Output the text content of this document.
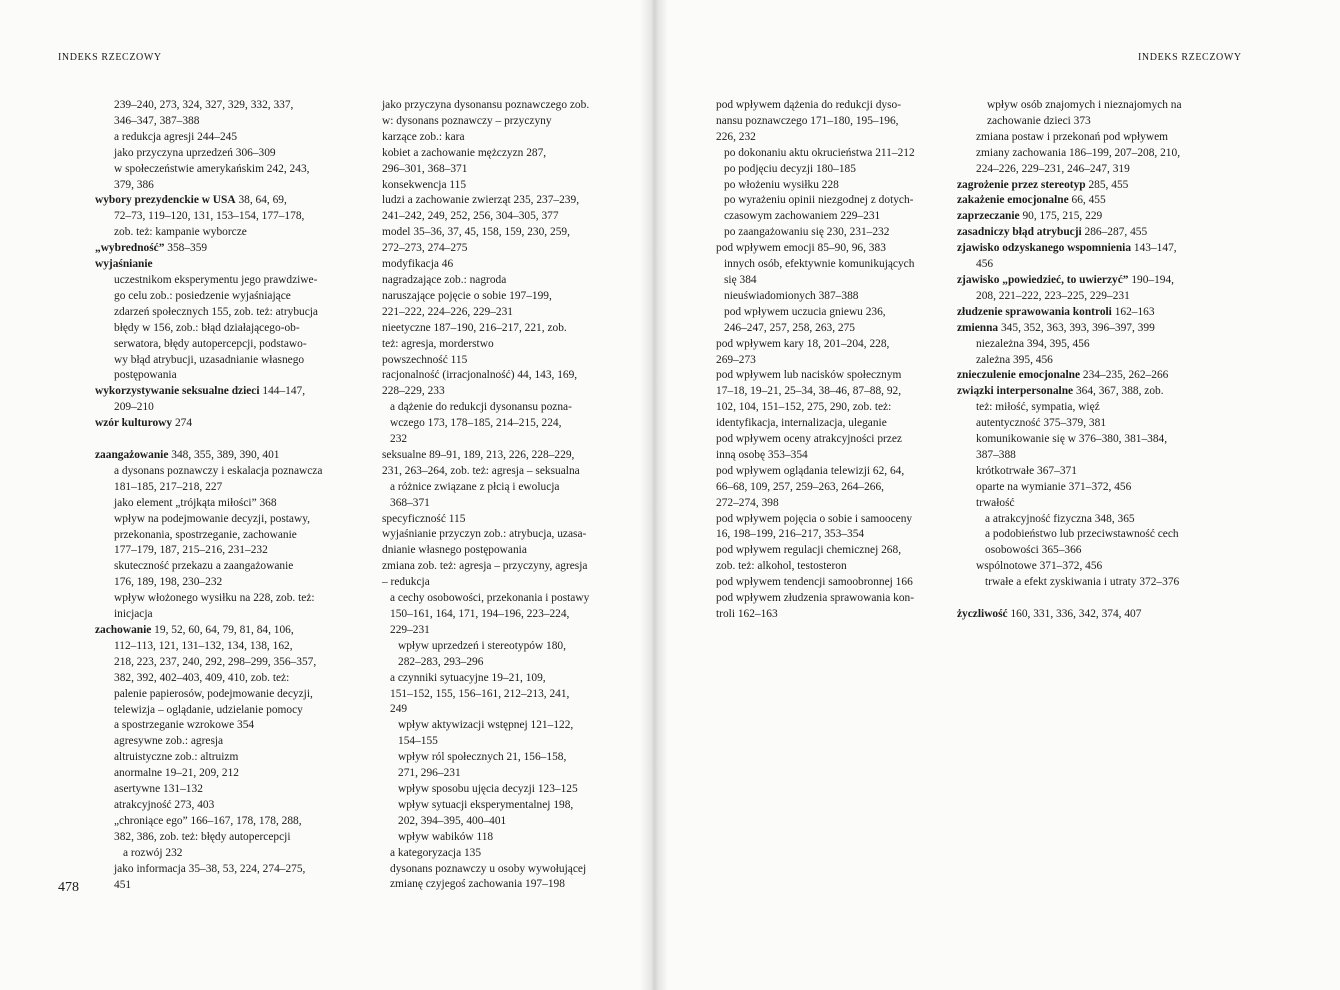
INDEKS RZECZOWY
239–240, 273, 324, 327, 329, 332, 337,
346–347, 387–388
a redukcja agresji 244–245
jako przyczyna uprzedzeń 306–309
w społeczeństwie amerykańskim 242, 243,
379, 386
wybory prezydenckie w USA 38, 64, 69,
72–73, 119–120, 131, 153–154, 177–178,
zob. też: kampanie wyborcze
„wybredność” 358–359
wyjaśnianie
uczestnikom eksperymentu jego prawdziwe-
go celu zob.: posiedzenie wyjaśniające
zdarzeń społecznych 155, zob. też: atrybucja
błędy w 156, zob.: błąd działającego-ob-
serwatora, błędy autopercepcji, podstawo-
wy błąd atrybucji, uzasadnianie własnego
postępowania
wykorzystywanie seksualne dzieci 144–147,
209–210
wzór kulturowy 274
zaangażowanie 348, 355, 389, 390, 401
a dysonans poznawczy i eskalacja poznawcza
181–185, 217–218, 227
jako element „trójkąta miłości” 368
wpływ na podejmowanie decyzji, postawy,
przekonania, spostrzeganie, zachowanie
177–179, 187, 215–216, 231–232
skuteczność przekazu a zaangażowanie
176, 189, 198, 230–232
wpływ włożonego wysiłku na 228, zob. też:
inicjacja
zachowanie 19, 52, 60, 64, 79, 81, 84, 106,
112–113, 121, 131–132, 134, 138, 162,
218, 223, 237, 240, 292, 298–299, 356–357,
382, 392, 402–403, 409, 410, zob. też:
palenie papierosów, podejmowanie decyzji,
telewizja – oglądanie, udzielanie pomocy
a spostrzeganie wzrokowe 354
agresywne zob.: agresja
altruistyczne zob.: altruizm
anormalne 19–21, 209, 212
asertywne 131–132
atrakcyjność 273, 403
„chroniące ego” 166–167, 178, 178, 288,
382, 386, zob. też: błędy autopercepcji
a rozwój 232
jako informacja 35–38, 53, 224, 274–275,
451
jako przyczyna dysonansu poznawczego zob.
w: dysonans poznawczy – przyczyny
karzące zob.: kara
kobiet a zachowanie mężczyzn 287,
296–301, 368–371
konsekwencja 115
ludzi a zachowanie zwierząt 235, 237–239,
241–242, 249, 252, 256, 304–305, 377
model 35–36, 37, 45, 158, 159, 230, 259,
272–273, 274–275
modyfikacja 46
nagradzające zob.: nagroda
naruszające pojęcie o sobie 197–199,
221–222, 224–226, 229–231
nieetyczne 187–190, 216–217, 221, zob.
też: agresja, morderstwo
powszechność 115
racjonalność (irracjonalność) 44, 143, 169,
228–229, 233
a dążenie do redukcji dysonansu pozna-
wczego 173, 178–185, 214–215, 224,
232
seksualne 89–91, 189, 213, 226, 228–229,
231, 263–264, zob. też: agresja – seksualna
a różnice związane z płcią i ewolucja
368–371
specyficzność 115
wyjaśnianie przyczyn zob.: atrybucja, uzasa-
dnianie własnego postępowania
zmiana zob. też: agresja – przyczyny, agresja
– redukcja
a cechy osobowości, przekonania i postawy
150–161, 164, 171, 194–196, 223–224,
229–231
wpływ uprzedzeń i stereotypów 180,
282–283, 293–296
a czynniki sytuacyjne 19–21, 109,
151–152, 155, 156–161, 212–213, 241,
249
wpływ aktywizacji wstępnej 121–122,
154–155
wpływ ról społecznych 21, 156–158,
271, 296–231
wpływ sposobu ujęcia decyzji 123–125
wpływ sytuacji eksperymentalnej 198,
202, 394–395, 400–401
wpływ wabików 118
a kategoryzacja 135
dysonans poznawczy u osoby wywołującej
zmianę czyjegoś zachowania 197–198
478
INDEKS RZECZOWY
pod wpływem dążenia do redukcji dyso-
nansu poznawczego 171–180, 195–196,
226, 232
po dokonaniu aktu okrucieństwa 211–212
po podjęciu decyzji 180–185
po włożeniu wysiłku 228
po wyrażeniu opinii niezgodnej z dotych-
czasowym zachowaniem 229–231
po zaangażowaniu się 230, 231–232
pod wpływem emocji 85–90, 96, 383
innych osób, efektywnie komunikujących
się 384
nieuświadomionych 387–388
pod wpływem uczucia gniewu 236,
246–247, 257, 258, 263, 275
pod wpływem kary 18, 201–204, 228,
269–273
pod wpływem lub nacisków społecznym
17–18, 19–21, 25–34, 38–46, 87–88, 92,
102, 104, 151–152, 275, 290, zob. też:
identyfikacja, internalizacja, uleganie
pod wpływem oceny atrakcyjności przez
inną osobę 353–354
pod wpływem oglądania telewizji 62, 64,
66–68, 109, 257, 259–263, 264–266,
272–274, 398
pod wpływem pojęcia o sobie i samooceny
16, 198–199, 216–217, 353–354
pod wpływem regulacji chemicznej 268,
zob. też: alkohol, testosteron
pod wpływem tendencji samoobronnej 166
pod wpływem złudzenia sprawowania kon-
troli 162–163
wpływ osób znajomych i nieznajomych na
zachowanie dzieci 373
zmiana postaw i przekonań pod wpływem
zmiany zachowania 186–199, 207–208, 210,
224–226, 229–231, 246–247, 319
zagrożenie przez stereotyp 285, 455
zakażenie emocjonalne 66, 455
zaprzeczanie 90, 175, 215, 229
zasadniczy błąd atrybucji 286–287, 455
zjawisko odzyskanego wspomnienia 143–147,
456
zjawisko „powiedzieć, to uwierzyć” 190–194,
208, 221–222, 223–225, 229–231
złudzenie sprawowania kontroli 162–163
zmienna 345, 352, 363, 393, 396–397, 399
niezależna 394, 395, 456
zależna 395, 456
znieczulenie emocjonalne 234–235, 262–266
związki interpersonalne 364, 367, 388, zob.
też: miłość, sympatia, więź
autentyczność 375–379, 381
komunikowanie się w 376–380, 381–384,
387–388
krótkotrwałe 367–371
oparte na wymianie 371–372, 456
trwałość
a atrakcyjność fizyczna 348, 365
a podobieństwo lub przeciwstawność cech
osobowości 365–366
wspólnotowe 371–372, 456
trwałe a efekt zyskiwania i utraty 372–376
życzliwość 160, 331, 336, 342, 374, 407
